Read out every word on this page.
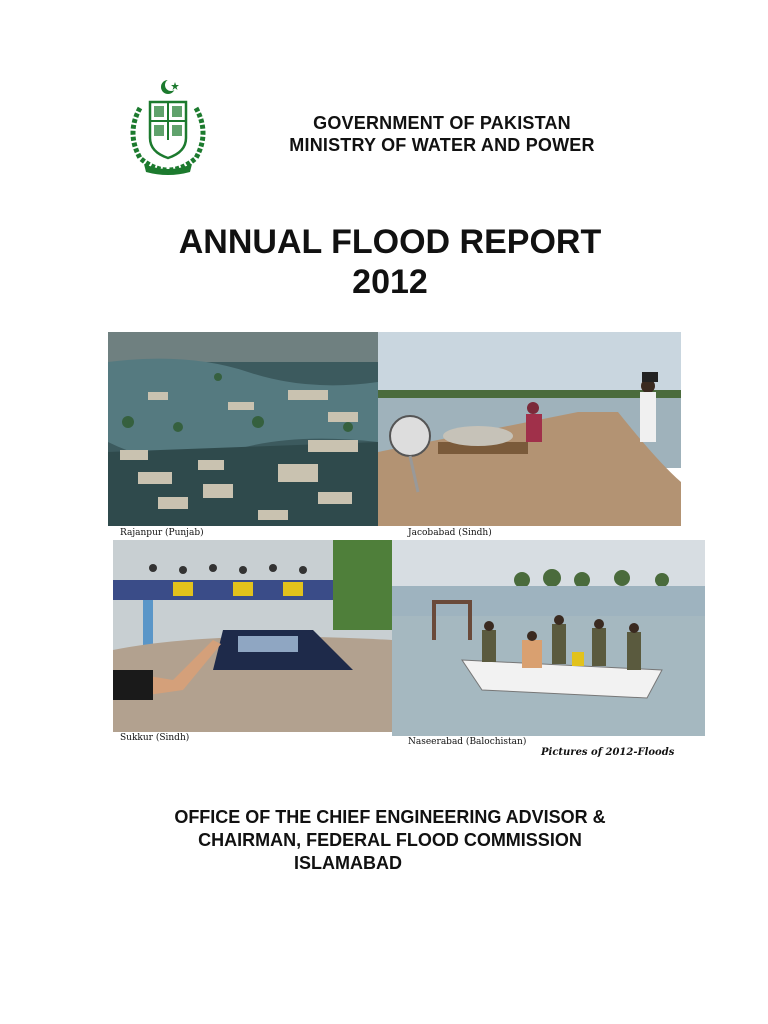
GOVERNMENT OF PAKISTAN
MINISTRY OF WATER AND POWER
ANNUAL FLOOD REPORT
2012
Rajanpur (Punjab)	Jacobabad (Sindh)
Sukkur (Sindh)	Naseerabad (Balochistan)
Pictures of 2012-Floods
OFFICE OF THE CHIEF ENGINEERING ADVISOR &
CHAIRMAN, FEDERAL FLOOD COMMISSION
ISLAMABAD
